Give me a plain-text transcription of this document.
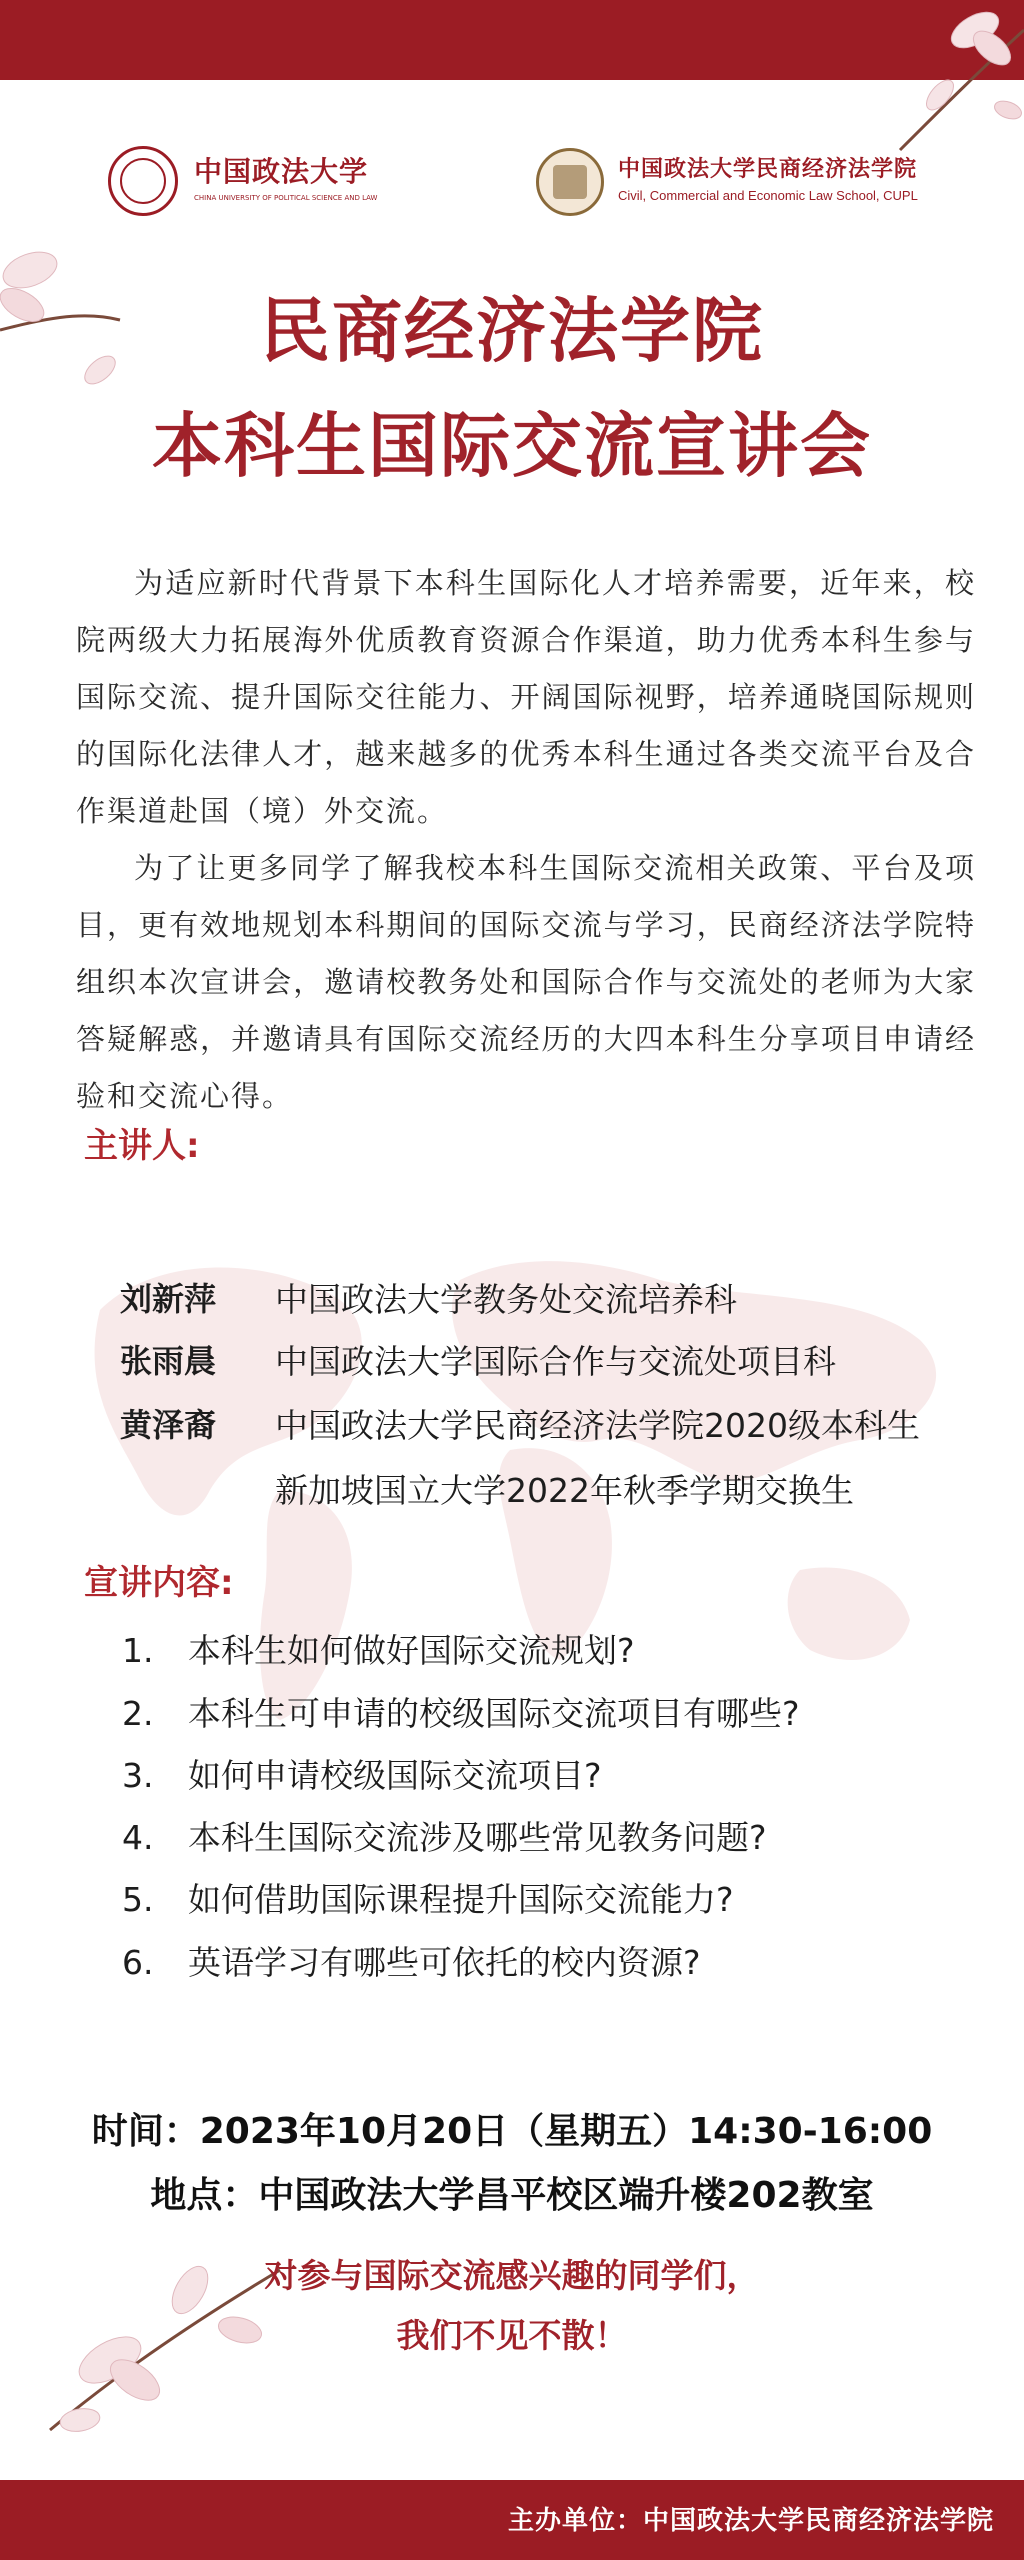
中国政法大学
CHINA UNIVERSITY OF POLITICAL SCIENCE AND LAW
中国政法大学民商经济法学院
Civil, Commercial and Economic Law School, CUPL
民商经济法学院
本科生国际交流宣讲会

为适应新时代背景下本科生国际化人才培养需要，近年来，校院两级大力拓展海外优质教育资源合作渠道，助力优秀本科生参与国际交流、提升国际交往能力、开阔国际视野，培养通晓国际规则的国际化法律人才，越来越多的优秀本科生通过各类交流平台及合作渠道赴国（境）外交流。

为了让更多同学了解我校本科生国际交流相关政策、平台及项目，更有效地规划本科期间的国际交流与学习，民商经济法学院特组织本次宣讲会，邀请校教务处和国际合作与交流处的老师为大家答疑解惑，并邀请具有国际交流经历的大四本科生分享项目申请经验和交流心得。

主讲人:
刘新萍 中国政法大学教务处交流培养科
张雨晨 中国政法大学国际合作与交流处项目科
黄泽裔 中国政法大学民商经济法学院2020级本科生
新加坡国立大学2022年秋季学期交换生
宣讲内容:
1. 本科生如何做好国际交流规划?
2. 本科生可申请的校级国际交流项目有哪些?
3. 如何申请校级国际交流项目?
4. 本科生国际交流涉及哪些常见教务问题?
5. 如何借助国际课程提升国际交流能力?
6. 英语学习有哪些可依托的校内资源?
时间：2023年10月20日（星期五）14:30-16:00
地点：中国政法大学昌平校区端升楼202教室
对参与国际交流感兴趣的同学们，
我们不见不散！
主办单位：中国政法大学民商经济法学院
